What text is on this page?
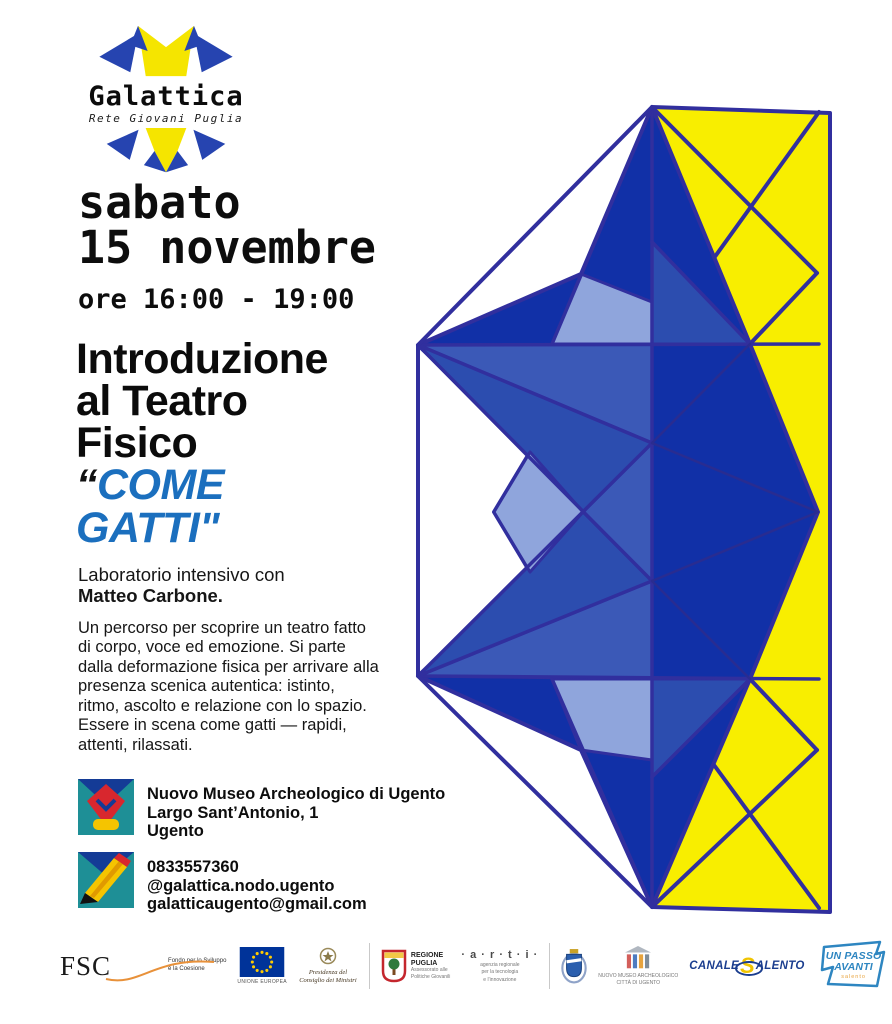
Galattica
Rete Giovani Puglia
sabato
15 novembre
ore 16:00 - 19:00
Introduzione
al Teatro
Fisico
“COME
GATTI"
Laboratorio intensivo con
Matteo Carbone.
Un percorso per scoprire un teatro fatto
di corpo, voce ed emozione. Si parte
dalla deformazione fisica per arrivare alla
presenza scenica autentica: istinto,
ritmo, ascolto e relazione con lo spazio.
Essere in scena come gatti — rapidi,
attenti, rilassati.
Nuovo Museo Archeologico di Ugento
Largo Sant’Antonio, 1
Ugento
0833557360
@galattica.nodo.ugento
galatticaugento@gmail.com
FSC	Fondo per lo Sviluppo
e la Coesione
UNIONE EUROPEA
Presidenza del Consiglio dei Ministri
REGIONE
PUGLIA
Assessorato alle
Politiche Giovanili
· a · r · t · i ·
agenzia regionale
per la tecnologia
e l’innovazione
NUOVO MUSEO ARCHEOLOGICO
CITTÀ DI UGENTO
CANALE S ALENTO
UN PASSO
AVANTI
salento
